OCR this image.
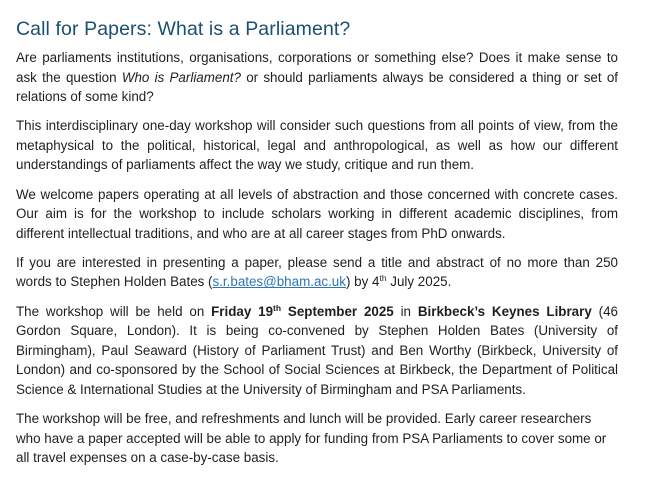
Call for Papers: What is a Parliament?

Are parliaments institutions, organisations, corporations or something else? Does it make sense to ask the question Who is Parliament? or should parliaments always be considered a thing or set of relations of some kind?

This interdisciplinary one-day workshop will consider such questions from all points of view, from the metaphysical to the political, historical, legal and anthropological, as well as how our different understandings of parliaments affect the way we study, critique and run them.

We welcome papers operating at all levels of abstraction and those concerned with concrete cases. Our aim is for the workshop to include scholars working in different academic disciplines, from different intellectual traditions, and who are at all career stages from PhD onwards.

If you are interested in presenting a paper, please send a title and abstract of no more than 250 words to Stephen Holden Bates (s.r.bates@bham.ac.uk) by 4th July 2025.

The workshop will be held on Friday 19th September 2025 in Birkbeck’s Keynes Library (46 Gordon Square, London). It is being co-convened by Stephen Holden Bates (University of Birmingham), Paul Seaward (History of Parliament Trust) and Ben Worthy (Birkbeck, University of London) and co-sponsored by the School of Social Sciences at Birkbeck, the Department of Political Science & International Studies at the University of Birmingham and PSA Parliaments.

The workshop will be free, and refreshments and lunch will be provided. Early career researchers who have a paper accepted will be able to apply for funding from PSA Parliaments to cover some or all travel expenses on a case-by-case basis.
